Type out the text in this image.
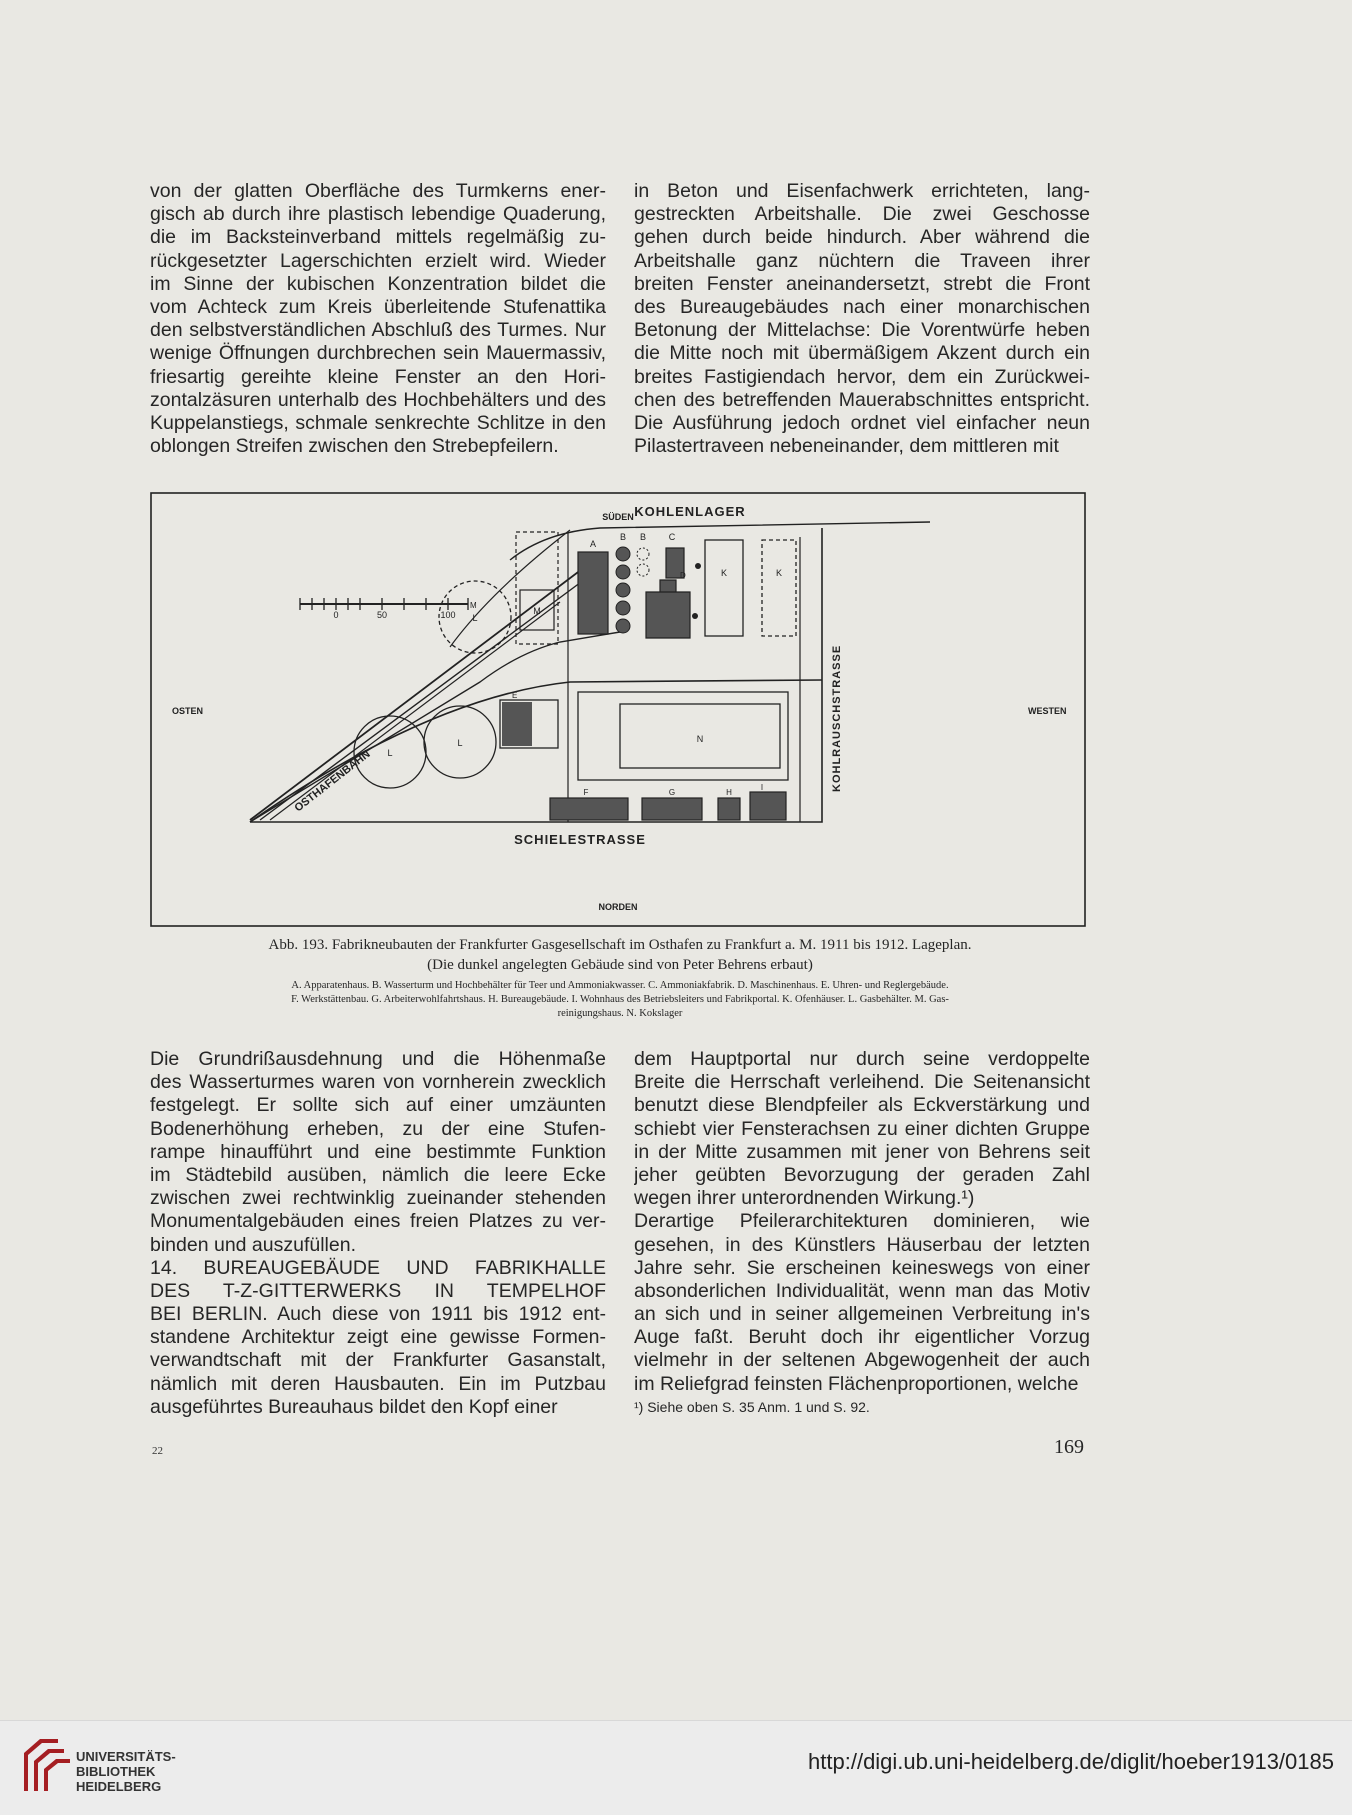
von der glatten Oberfläche des Turmkerns ener-
gisch ab durch ihre plastisch lebendige Quaderung,
die im Backsteinverband mittels regelmäßig zu-
rückgesetzter Lagerschichten erzielt wird. Wieder
im Sinne der kubischen Konzentration bildet die
vom Achteck zum Kreis überleitende Stufenattika
den selbstverständlichen Abschluß des Turmes. Nur
wenige Öffnungen durchbrechen sein Mauermassiv,
friesartig gereihte kleine Fenster an den Hori-
zontalzäsuren unterhalb des Hochbehälters und des
Kuppelanstiegs, schmale senkrechte Schlitze in den
oblongen Streifen zwischen den Strebepfeilern.
in Beton und Eisenfachwerk errichteten, lang-
gestreckten Arbeitshalle. Die zwei Geschosse
gehen durch beide hindurch. Aber während die
Arbeitshalle ganz nüchtern die Traveen ihrer
breiten Fenster aneinandersetzt, strebt die Front
des Bureaugebäudes nach einer monarchischen
Betonung der Mittelachse: Die Vorentwürfe heben
die Mitte noch mit übermäßigem Akzent durch ein
breites Fastigiendach hervor, dem ein Zurückwei-
chen des betreffenden Mauerabschnittes entspricht.
Die Ausführung jedoch ordnet viel einfacher neun
Pilastertraveen nebeneinander, dem mittleren mit
SÜDEN
NORDEN
OSTEN	WESTEN
0	50	100
M
OSTHAFENBAHN
KOHLENLAGER
SCHIELESTRASSE
KOHLRAUSCHSTRASSE
L
L
L
M
A
B B	C
D	K	K
E
N
F	G	H
I
Abb. 193. Fabrikneubauten der Frankfurter Gasgesellschaft im Osthafen zu Frankfurt a. M. 1911 bis 1912. Lageplan.
(Die dunkel angelegten Gebäude sind von Peter Behrens erbaut)
A. Apparatenhaus. B. Wasserturm und Hochbehälter für Teer und Ammoniakwasser. C. Ammoniakfabrik. D. Maschinenhaus. E. Uhren- und Reglergebäude.
F. Werkstättenbau. G. Arbeiterwohlfahrtshaus. H. Bureaugebäude. I. Wohnhaus des Betriebsleiters und Fabrikportal. K. Ofenhäuser. L. Gasbehälter. M. Gas-
reinigungshaus. N. Kokslager
Die Grundrißausdehnung und die Höhenmaße
des Wasserturmes waren von vornherein zwecklich
festgelegt. Er sollte sich auf einer umzäunten
Bodenerhöhung erheben, zu der eine Stufen-
rampe hinaufführt und eine bestimmte Funktion
im Städtebild ausüben, nämlich die leere Ecke
zwischen zwei rechtwinklig zueinander stehenden
Monumentalgebäuden eines freien Platzes zu ver-
binden und auszufüllen.
14. BUREAUGEBÄUDE UND FABRIKHALLE
DES T-Z-GITTERWERKS IN TEMPELHOF
BEI BERLIN. Auch diese von 1911 bis 1912 ent-
standene Architektur zeigt eine gewisse Formen-
verwandtschaft mit der Frankfurter Gasanstalt,
nämlich mit deren Hausbauten. Ein im Putzbau
ausgeführtes Bureauhaus bildet den Kopf einer
dem Hauptportal nur durch seine verdoppelte
Breite die Herrschaft verleihend. Die Seitenansicht
benutzt diese Blendpfeiler als Eckverstärkung und
schiebt vier Fensterachsen zu einer dichten Gruppe
in der Mitte zusammen mit jener von Behrens seit
jeher geübten Bevorzugung der geraden Zahl
wegen ihrer unterordnenden Wirkung.¹)
Derartige Pfeilerarchitekturen dominieren, wie
gesehen, in des Künstlers Häuserbau der letzten
Jahre sehr. Sie erscheinen keineswegs von einer
absonderlichen Individualität, wenn man das Motiv
an sich und in seiner allgemeinen Verbreitung in's
Auge faßt. Beruht doch ihr eigentlicher Vorzug
vielmehr in der seltenen Abgewogenheit der auch
im Reliefgrad feinsten Flächenproportionen, welche
¹) Siehe oben S. 35 Anm. 1 und S. 92.
22	169
UNIVERSITÄTS-
BIBLIOTHEK
HEIDELBERG
http://digi.ub.uni-heidelberg.de/diglit/hoeber1913/0185
